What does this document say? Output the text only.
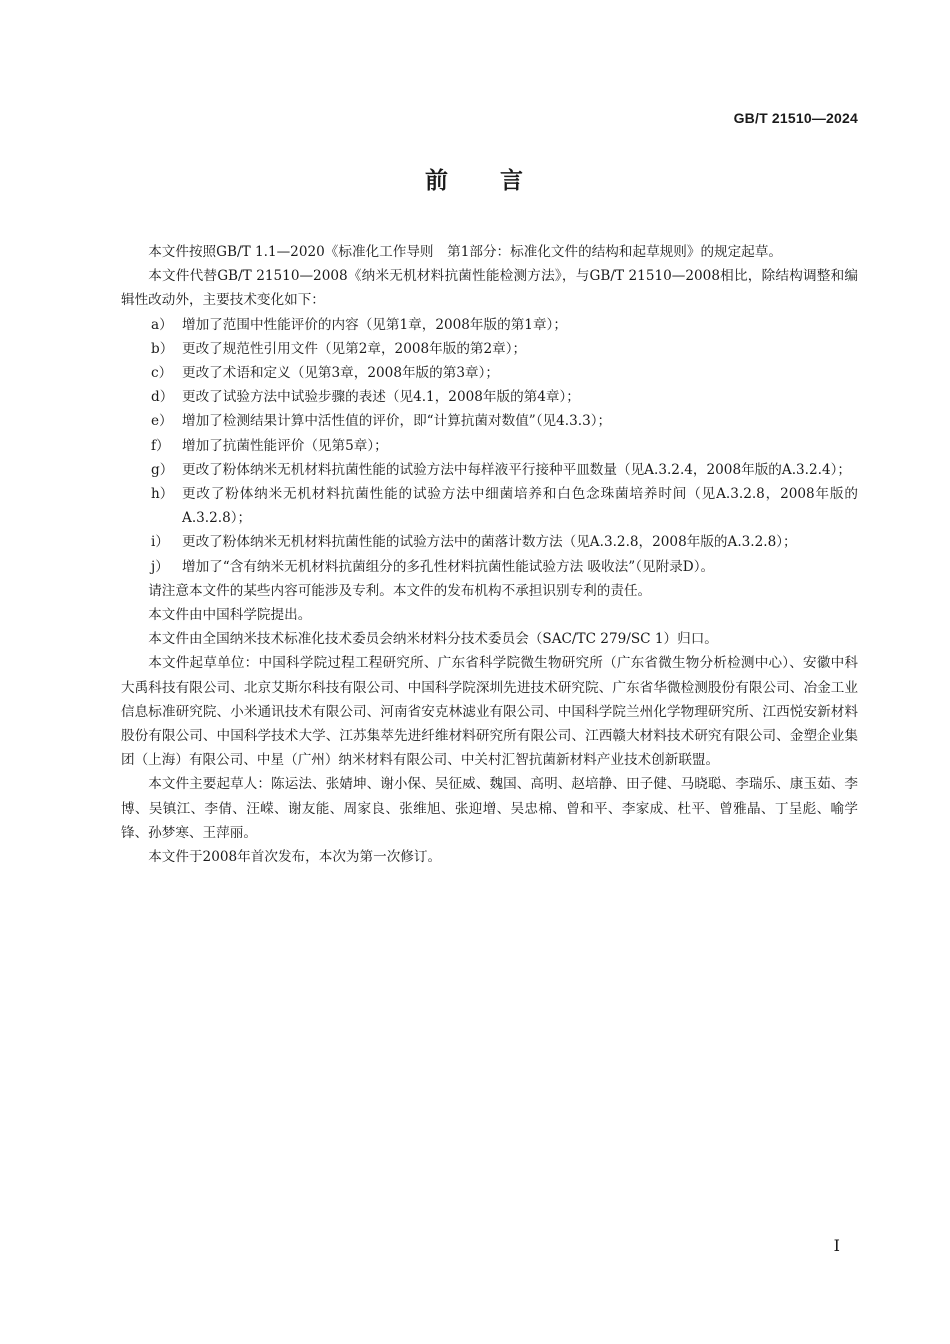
GB/T 21510—2024
前 言

本文件按照GB/T 1.1—2020《标准化工作导则　第1部分：标准化文件的结构和起草规则》的规定起草。

本文件代替GB/T 21510—2008《纳米无机材料抗菌性能检测方法》，与GB/T 21510—2008相比，除结构调整和编辑性改动外，主要技术变化如下：

a） 增加了范围中性能评价的内容（见第1章，2008年版的第1章）；

b） 更改了规范性引用文件（见第2章，2008年版的第2章）；

c） 更改了术语和定义（见第3章，2008年版的第3章）；

d） 更改了试验方法中试验步骤的表述（见4.1，2008年版的第4章）；

e） 增加了检测结果计算中活性值的评价，即“计算抗菌对数值”（见4.3.3）；

f） 增加了抗菌性能评价（见第5章）；

g） 更改了粉体纳米无机材料抗菌性能的试验方法中每样液平行接种平皿数量（见A.3.2.4，2008年版的A.3.2.4）；

h） 更改了粉体纳米无机材料抗菌性能的试验方法中细菌培养和白色念珠菌培养时间（见A.3.2.8，2008年版的A.3.2.8）；

i） 更改了粉体纳米无机材料抗菌性能的试验方法中的菌落计数方法（见A.3.2.8，2008年版的A.3.2.8）；

j） 增加了“含有纳米无机材料抗菌组分的多孔性材料抗菌性能试验方法 吸收法”（见附录D）。

请注意本文件的某些内容可能涉及专利。本文件的发布机构不承担识别专利的责任。

本文件由中国科学院提出。

本文件由全国纳米技术标准化技术委员会纳米材料分技术委员会（SAC/TC 279/SC 1）归口。

本文件起草单位：中国科学院过程工程研究所、广东省科学院微生物研究所（广东省微生物分析检测中心）、安徽中科大禹科技有限公司、北京艾斯尔科技有限公司、中国科学院深圳先进技术研究院、广东省华微检测股份有限公司、冶金工业信息标准研究院、小米通讯技术有限公司、河南省安克林滤业有限公司、中国科学院兰州化学物理研究所、江西悦安新材料股份有限公司、中国科学技术大学、江苏集萃先进纤维材料研究所有限公司、江西赣大材料技术研究有限公司、金塑企业集团（上海）有限公司、中星（广州）纳米材料有限公司、中关村汇智抗菌新材料产业技术创新联盟。

本文件主要起草人：陈运法、张婧坤、谢小保、吴征威、魏国、高明、赵培静、田子健、马晓聪、李瑞乐、康玉茹、李博、吴镇江、李倩、汪嵘、谢友能、周家良、张维旭、张迎增、吴忠棉、曾和平、李家成、杜平、曾雅晶、丁呈彪、喻学锋、孙梦寒、王萍丽。

本文件于2008年首次发布，本次为第一次修订。

I
